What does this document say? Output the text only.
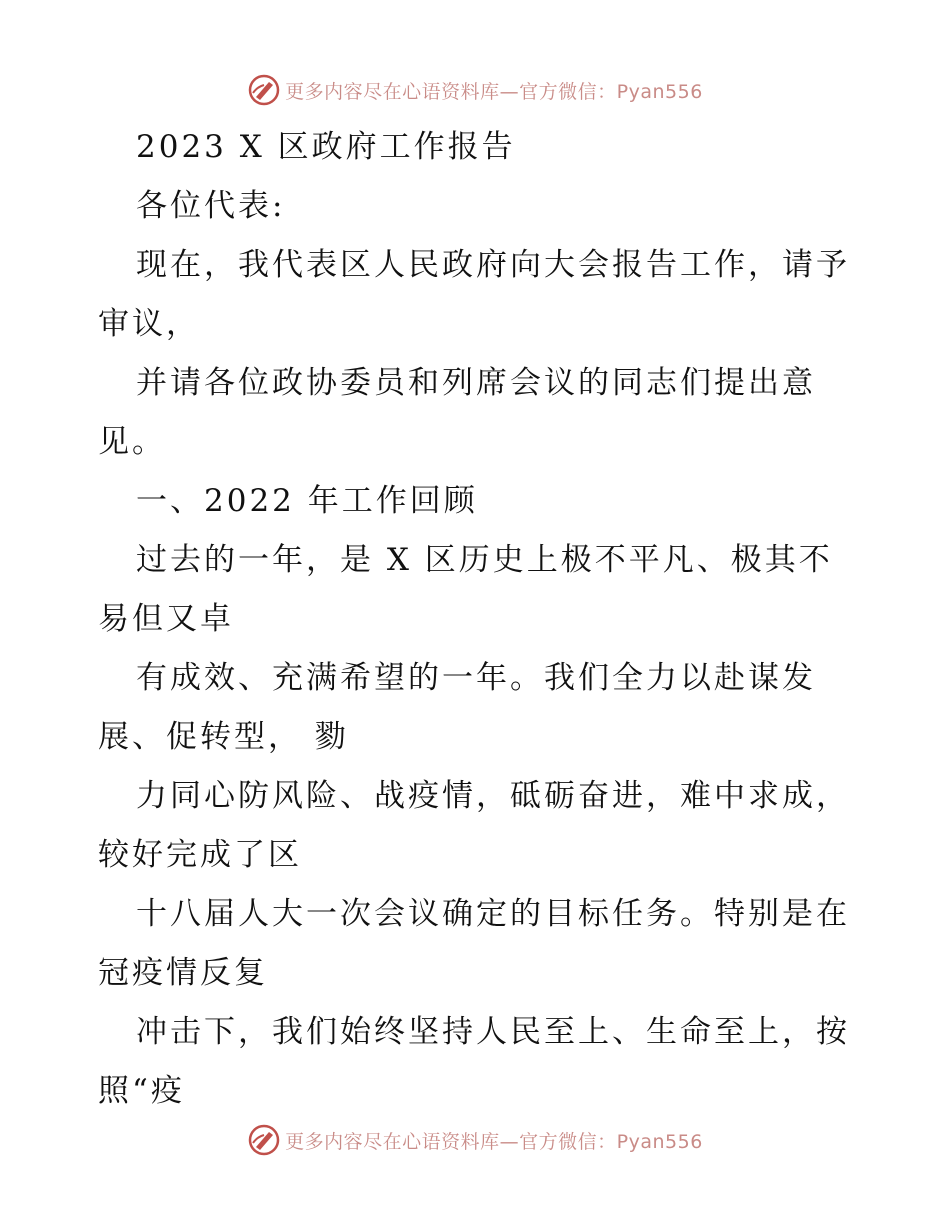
更多内容尽在心语资料库—官方微信：Pyan556
2023 X 区政府工作报告
各位代表:
现在，我代表区人民政府向大会报告工作，请予
审议，
并请各位政协委员和列席会议的同志们提出意
见。
一、2022 年工作回顾
过去的一年，是 X 区历史上极不平凡、极其不
易但又卓
有成效、充满希望的一年。我们全力以赴谋发
展、促转型， 勠
力同心防风险、战疫情，砥砺奋进，难中求成，
较好完成了区
十八届人大一次会议确定的目标任务。特别是在
冠疫情反复
冲击下，我们始终坚持人民至上、生命至上，按
照“疫
更多内容尽在心语资料库—官方微信：Pyan556
